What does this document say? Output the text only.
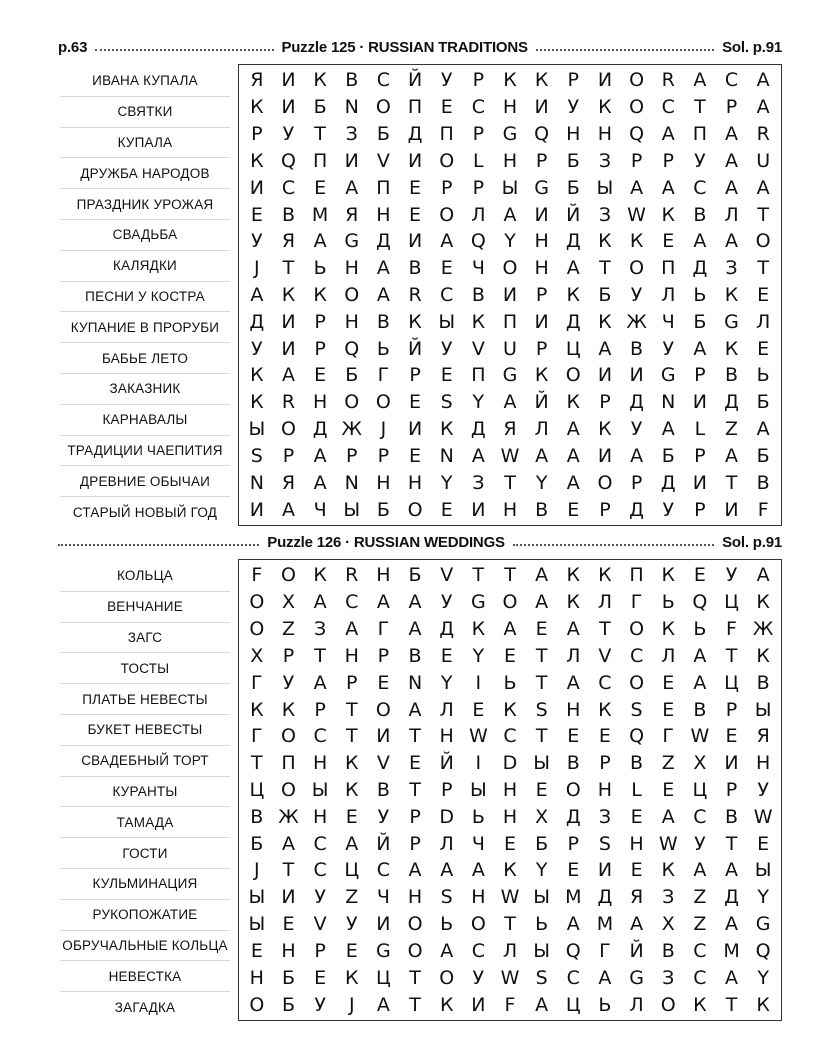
p.63	Puzzle 125 · RUSSIAN TRADITIONS	Sol. p.91
ИВАНА КУПАЛА
СВЯТКИ
КУПАЛА
ДРУЖБА НАРОДОВ
ПРАЗДНИК УРОЖАЯ
СВАДЬБА
КАЛЯДКИ
ПЕСНИ У КОСТРА
КУПАНИЕ В ПРОРУБИ
БАБЬЕ ЛЕТО
ЗАКАЗНИК
КАРНАВАЛЫ
ТРАДИЦИИ ЧАЕПИТИЯ
ДРЕВНИЕ ОБЫЧАИ
СТАРЫЙ НОВЫЙ ГОД
Я И К В С Й У	Р	К К	Р И О R А С А
К И Б N О П Е	С Н И У	К О С	Т	Р	А
Р	У	Т	З	Б Д П Р G Q Н Н Q А П А R
К Q П И V И О L	Н Р	Б	З	Р	Р	У	А U
И С	Е	А П Е	Р	Р Ы G Б Ы А А С А А
Е	В М Я Н Е О Л А И Й З W К В Л Т
У	Я А G Д И А Q Y Н Д К К Е	А А О
J	Т	Ь Н А В	Е	Ч О Н А	Т О П Д З	Т
А К К О А R С В И Р	К Б	У Л Ь К Е
Д И Р Н В К Ы К П И Д К Ж Ч Б G Л
У И Р Q Ь Й У	V U Р Ц А В	У	А К Е
К А	Е	Б	Г	Р	Е П G К О И И G Р	В Ь
К R Н О О Е	S	Y	А Й К	Р Д N И Д Б
Ы О Д Ж J	И К Д Я Л А К	У	А	L	Z А
S	Р	А	Р	Р	Е N А W А А И А Б	Р	А Б
N Я А N Н Н Y	З	Т	Y	А О Р Д И Т	В
И А Ч Ы Б О Е И Н В	Е	Р Д У	Р И	F
Puzzle 126 · RUSSIAN WEDDINGS	Sol. p.91
КОЛЬЦА
ВЕНЧАНИЕ
ЗАГС
ТОСТЫ
ПЛАТЬЕ НЕВЕСТЫ
БУКЕТ НЕВЕСТЫ
СВАДЕБНЫЙ ТОРТ
КУРАНТЫ
ТАМАДА
ГОСТИ
КУЛЬМИНАЦИЯ
РУКОПОЖАТИЕ
ОБРУЧАЛЬНЫЕ КОЛЬЦА
НЕВЕСТКА
ЗАГАДКА
F О К R Н Б V	Т	Т	А К К П К Е	У	А
О Х А С А А	У G О А К Л Г	Ь Q Ц К
О Z	З	А	Г	А Д К А	Е	А	Т О К Ь	F Ж
Х	Р	Т Н Р	В	Е	Y	Е	Т Л V С Л А	Т	К
Г	У	А	Р	Е N Y	I	Ь	Т	А С О Е	А Ц В
К К	Р	Т О А Л Е К S Н К S	Е	В	Р Ы
Г О С	Т И Т Н W С	Т	Е	Е Q Г W Е	Я
Т П Н К V	Е Й	I	D Ы В	Р	В Z Х И Н
Ц О Ы К В	Т	Р Ы Н Е О Н	L	Е Ц Р	У
В Ж Н Е	У	Р D Ь Н Х Д З	Е	А С В W
Б А С А Й Р Л Ч	Е	Б	Р	S Н W У	Т	Е
J	Т	С Ц С А А А К	Y	Е И Е К А А Ы
Ы И У	Z Ч Н S Н W Ы М Д Я З	Z Д Y
Ы Е	V	У И О Ь О Т	Ь А М А Х Z А G
Е Н Р	Е G О А С Л Ы Q Г Й В С М Q
Н Б	Е К Ц Т О У W S С А G З С А	Y
О Б	У	J	А	Т	К И	F	А Ц Ь Л О К	Т	К
